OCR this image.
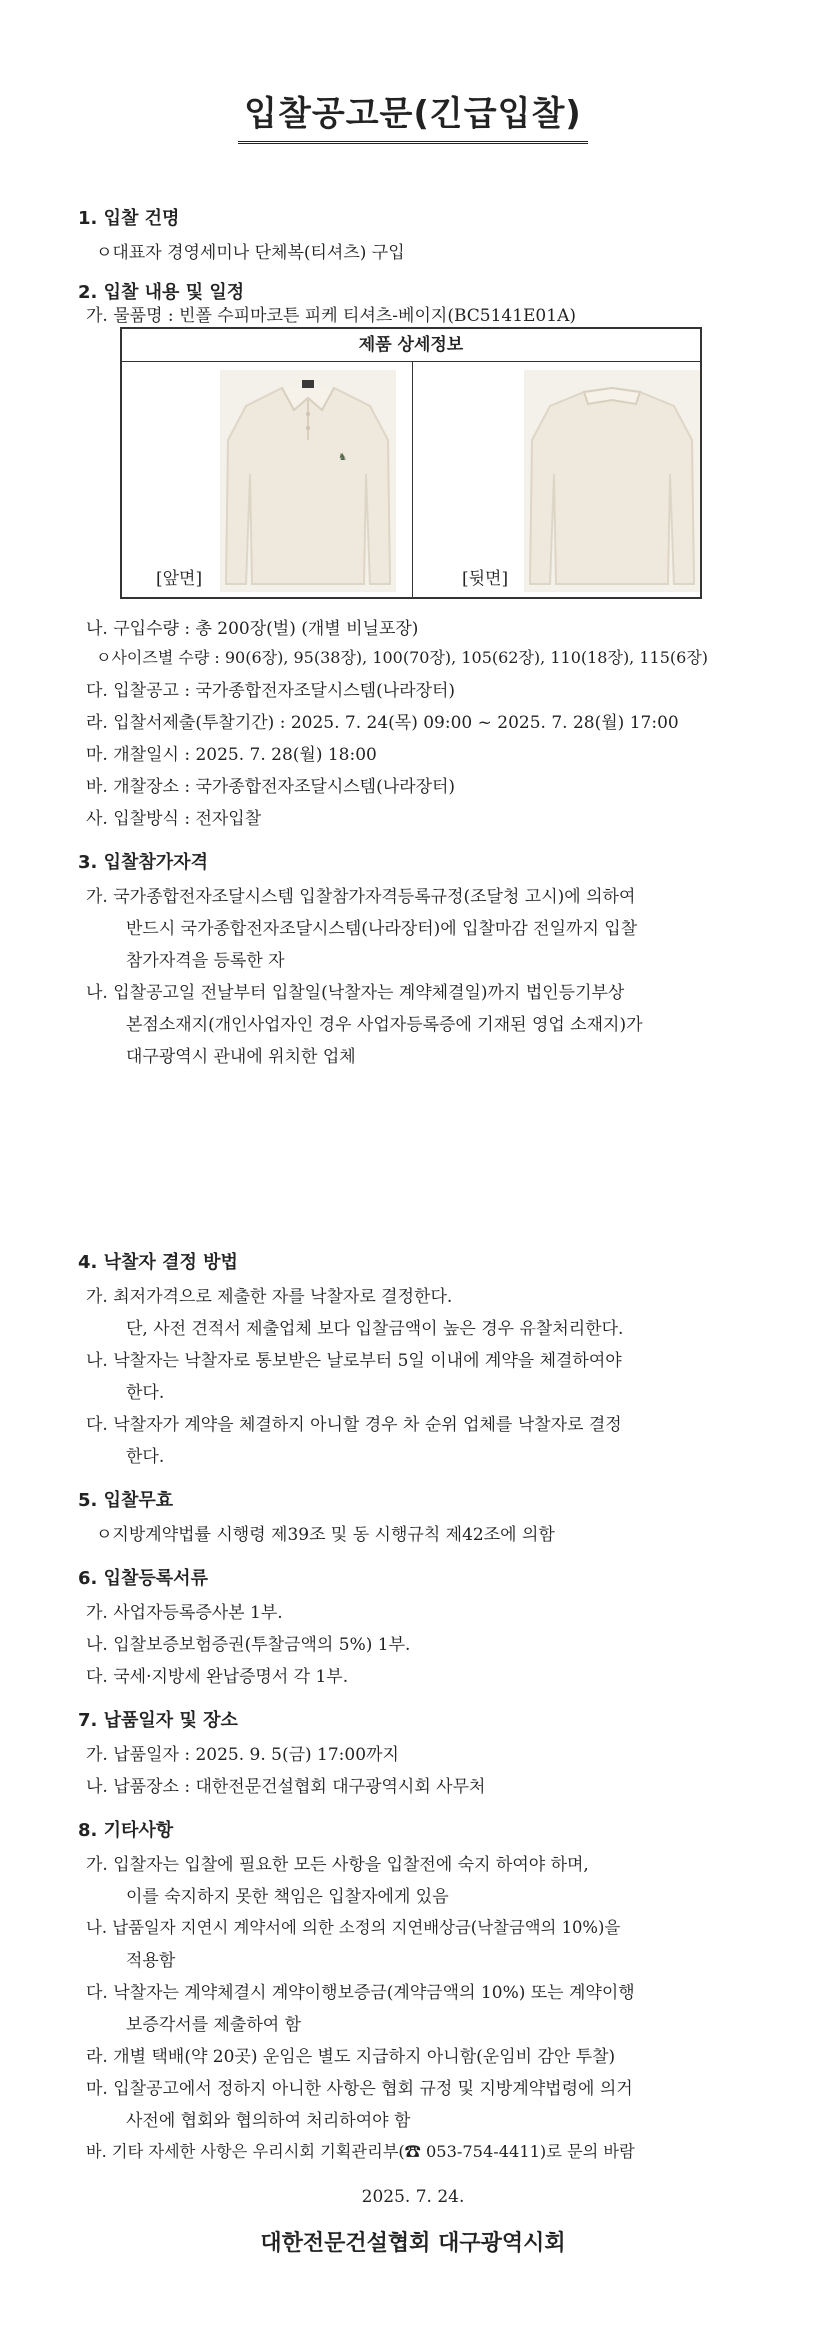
입찰공고문(긴급입찰)
1. 입찰 건명
ㅇ대표자 경영세미나 단체복(티셔츠) 구입
2. 입찰 내용 및 일정
가. 물품명 : 빈폴 수피마코튼 피케 티셔츠-베이지(BC5141E01A)
제품 상세정보
♞
[앞면]	[뒷면]
나. 구입수량 : 총 200장(벌) (개별 비닐포장)
ㅇ사이즈별 수량 : 90(6장), 95(38장), 100(70장), 105(62장), 110(18장), 115(6장)
다. 입찰공고 : 국가종합전자조달시스템(나라장터)
라. 입찰서제출(투찰기간) : 2025. 7. 24(목) 09:00 ~ 2025. 7. 28(월) 17:00
마. 개찰일시 : 2025. 7. 28(월) 18:00
바. 개찰장소 : 국가종합전자조달시스템(나라장터)
사. 입찰방식 : 전자입찰
3. 입찰참가자격
가. 국가종합전자조달시스템 입찰참가자격등록규정(조달청 고시)에 의하여
반드시 국가종합전자조달시스템(나라장터)에 입찰마감 전일까지 입찰
참가자격을 등록한 자
나. 입찰공고일 전날부터 입찰일(낙찰자는 계약체결일)까지 법인등기부상
본점소재지(개인사업자인 경우 사업자등록증에 기재된 영업 소재지)가
대구광역시 관내에 위치한 업체
4. 낙찰자 결정 방법
가. 최저가격으로 제출한 자를 낙찰자로 결정한다.
단, 사전 견적서 제출업체 보다 입찰금액이 높은 경우 유찰처리한다.
나. 낙찰자는 낙찰자로 통보받은 날로부터 5일 이내에 계약을 체결하여야
한다.
다. 낙찰자가 계약을 체결하지 아니할 경우 차 순위 업체를 낙찰자로 결정
한다.
5. 입찰무효
ㅇ지방계약법률 시행령 제39조 및 동 시행규칙 제42조에 의함
6. 입찰등록서류
가. 사업자등록증사본 1부.
나. 입찰보증보험증권(투찰금액의 5%) 1부.
다. 국세·지방세 완납증명서 각 1부.
7. 납품일자 및 장소
가. 납품일자 : 2025. 9. 5(금) 17:00까지
나. 납품장소 : 대한전문건설협회 대구광역시회 사무처
8. 기타사항
가. 입찰자는 입찰에 필요한 모든 사항을 입찰전에 숙지 하여야 하며,
이를 숙지하지 못한 책임은 입찰자에게 있음
나. 납품일자 지연시 계약서에 의한 소정의 지연배상금(낙찰금액의 10%)을
적용함
다. 낙찰자는 계약체결시 계약이행보증금(계약금액의 10%) 또는 계약이행
보증각서를 제출하여 함
라. 개별 택배(약 20곳) 운임은 별도 지급하지 아니함(운임비 감안 투찰)
마. 입찰공고에서 정하지 아니한 사항은 협회 규정 및 지방계약법령에 의거
사전에 협회와 협의하여 처리하여야 함
바. 기타 자세한 사항은 우리시회 기획관리부(☎ 053-754-4411)로 문의 바람
2025. 7. 24.
대한전문건설협회 대구광역시회
